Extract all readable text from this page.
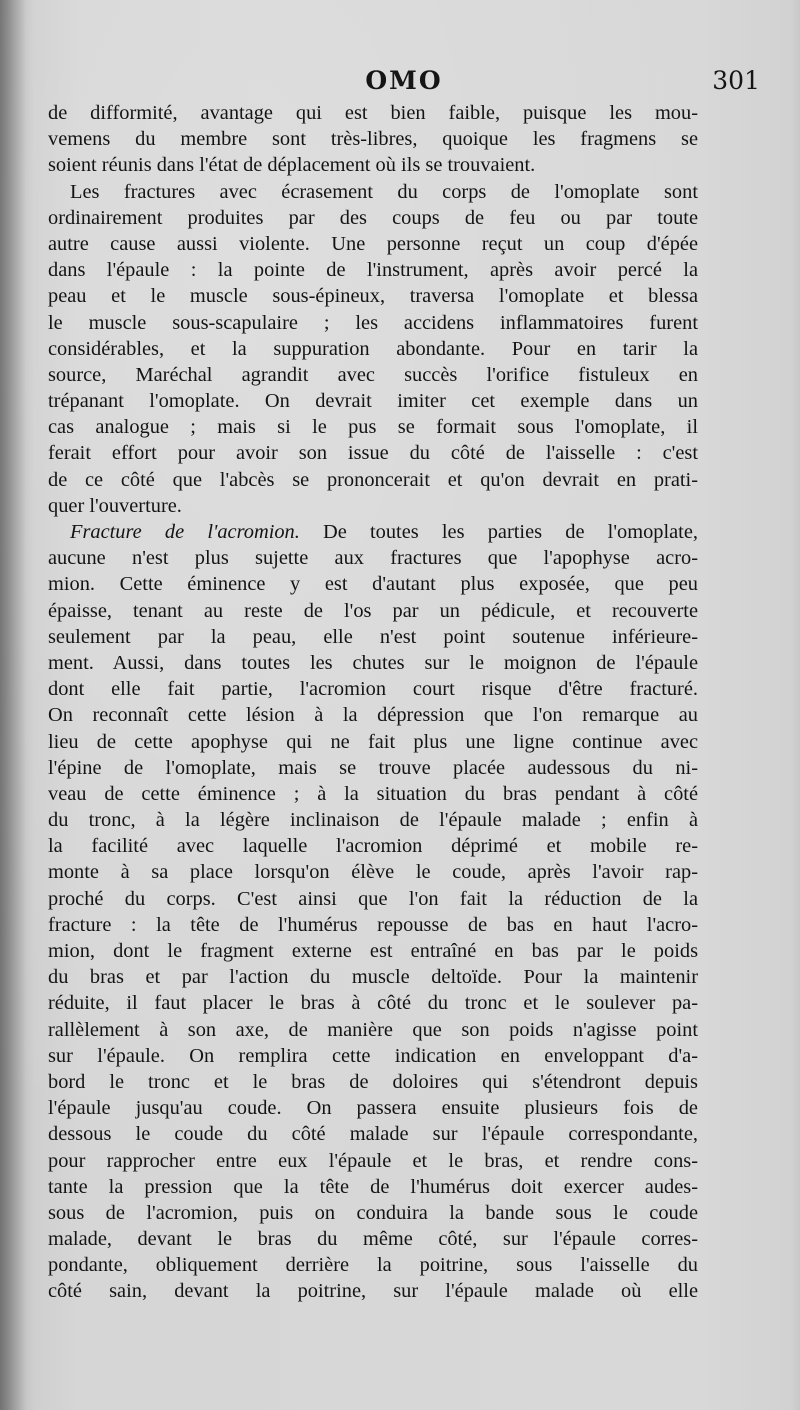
OMO	301
de difformité, avantage qui est bien faible, puisque les mou-
vemens du membre sont très-libres, quoique les fragmens se
soient réunis dans l'état de déplacement où ils se trouvaient.
Les fractures avec écrasement du corps de l'omoplate sont
ordinairement produites par des coups de feu ou par toute
autre cause aussi violente. Une personne reçut un coup d'épée
dans l'épaule : la pointe de l'instrument, après avoir percé la
peau et le muscle sous-épineux, traversa l'omoplate et blessa
le muscle sous-scapulaire ; les accidens inflammatoires furent
considérables, et la suppuration abondante. Pour en tarir la
source, Maréchal agrandit avec succès l'orifice fistuleux en
trépanant l'omoplate. On devrait imiter cet exemple dans un
cas analogue ; mais si le pus se formait sous l'omoplate, il
ferait effort pour avoir son issue du côté de l'aisselle : c'est
de ce côté que l'abcès se prononcerait et qu'on devrait en prati-
quer l'ouverture.
Fracture de l'acromion. De toutes les parties de l'omoplate,
aucune n'est plus sujette aux fractures que l'apophyse acro-
mion. Cette éminence y est d'autant plus exposée, que peu
épaisse, tenant au reste de l'os par un pédicule, et recouverte
seulement par la peau, elle n'est point soutenue inférieure-
ment. Aussi, dans toutes les chutes sur le moignon de l'épaule
dont elle fait partie, l'acromion court risque d'être fracturé.
On reconnaît cette lésion à la dépression que l'on remarque au
lieu de cette apophyse qui ne fait plus une ligne continue avec
l'épine de l'omoplate, mais se trouve placée audessous du ni-
veau de cette éminence ; à la situation du bras pendant à côté
du tronc, à la légère inclinaison de l'épaule malade ; enfin à
la facilité avec laquelle l'acromion déprimé et mobile re-
monte à sa place lorsqu'on élève le coude, après l'avoir rap-
proché du corps. C'est ainsi que l'on fait la réduction de la
fracture : la tête de l'humérus repousse de bas en haut l'acro-
mion, dont le fragment externe est entraîné en bas par le poids
du bras et par l'action du muscle deltoïde. Pour la maintenir
réduite, il faut placer le bras à côté du tronc et le soulever pa-
rallèlement à son axe, de manière que son poids n'agisse point
sur l'épaule. On remplira cette indication en enveloppant d'a-
bord le tronc et le bras de doloires qui s'étendront depuis
l'épaule jusqu'au coude. On passera ensuite plusieurs fois de
dessous le coude du côté malade sur l'épaule correspondante,
pour rapprocher entre eux l'épaule et le bras, et rendre cons-
tante la pression que la tête de l'humérus doit exercer audes-
sous de l'acromion, puis on conduira la bande sous le coude
malade, devant le bras du même côté, sur l'épaule corres-
pondante, obliquement derrière la poitrine, sous l'aisselle du
côté sain, devant la poitrine, sur l'épaule malade où elle
